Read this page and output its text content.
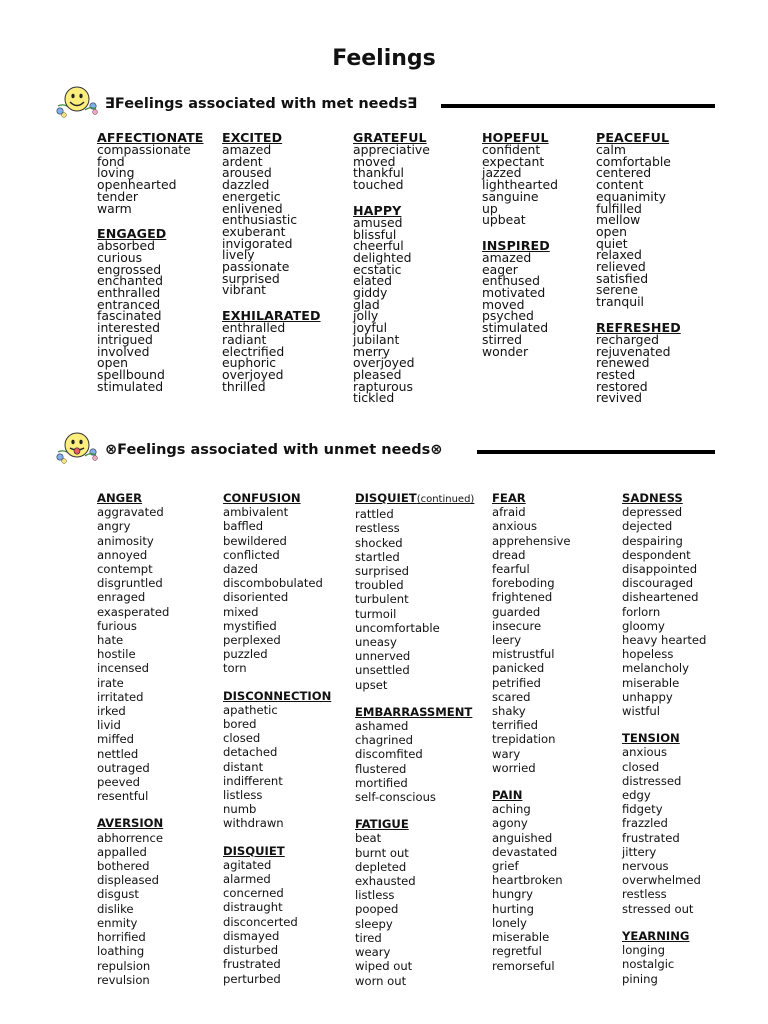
Feelings
∃Feelings associated with met needs∃
AFFECTIONATE
compassionate
fond
loving
openhearted
tender
warm
ENGAGED
absorbed
curious
engrossed
enchanted
enthralled
entranced
fascinated
interested
intrigued
involved
open
spellbound
stimulated
EXCITED
amazed
ardent
aroused
dazzled
energetic
enlivened
enthusiastic
exuberant
invigorated
lively
passionate
surprised
vibrant
EXHILARATED
enthralled
radiant
electrified
euphoric
overjoyed
thrilled
GRATEFUL
appreciative
moved
thankful
touched
HAPPY
amused
blissful
cheerful
delighted
ecstatic
elated
giddy
glad
jolly
joyful
jubilant
merry
overjoyed
pleased
rapturous
tickled
HOPEFUL
confident
expectant
jazzed
lighthearted
sanguine
up
upbeat
INSPIRED
amazed
eager
enthused
motivated
moved
psyched
stimulated
stirred
wonder
PEACEFUL
calm
comfortable
centered
content
equanimity
fulfilled
mellow
open
quiet
relaxed
relieved
satisfied
serene
tranquil
REFRESHED
recharged
rejuvenated
renewed
rested
restored
revived
⊗Feelings associated with unmet needs⊗
ANGER
aggravated
angry
animosity
annoyed
contempt
disgruntled
enraged
exasperated
furious
hate
hostile
incensed
irate
irritated
irked
livid
miffed
nettled
outraged
peeved
resentful
AVERSION
abhorrence
appalled
bothered
displeased
disgust
dislike
enmity
horrified
loathing
repulsion
revulsion
CONFUSION
ambivalent
baffled
bewildered
conflicted
dazed
discombobulated
disoriented
mixed
mystified
perplexed
puzzled
torn
DISCONNECTION
apathetic
bored
closed
detached
distant
indifferent
listless
numb
withdrawn
DISQUIET
agitated
alarmed
concerned
distraught
disconcerted
dismayed
disturbed
frustrated
perturbed
DISQUIET(continued)
rattled
restless
shocked
startled
surprised
troubled
turbulent
turmoil
uncomfortable
uneasy
unnerved
unsettled
upset
EMBARRASSMENT
ashamed
chagrined
discomfited
flustered
mortified
self-conscious
FATIGUE
beat
burnt out
depleted
exhausted
listless
pooped
sleepy
tired
weary
wiped out
worn out
FEAR
afraid
anxious
apprehensive
dread
fearful
foreboding
frightened
guarded
insecure
leery
mistrustful
panicked
petrified
scared
shaky
terrified
trepidation
wary
worried
PAIN
aching
agony
anguished
devastated
grief
heartbroken
hungry
hurting
lonely
miserable
regretful
remorseful
SADNESS
depressed
dejected
despairing
despondent
disappointed
discouraged
disheartened
forlorn
gloomy
heavy hearted
hopeless
melancholy
miserable
unhappy
wistful
TENSION
anxious
closed
distressed
edgy
fidgety
frazzled
frustrated
jittery
nervous
overwhelmed
restless
stressed out
YEARNING
longing
nostalgic
pining
